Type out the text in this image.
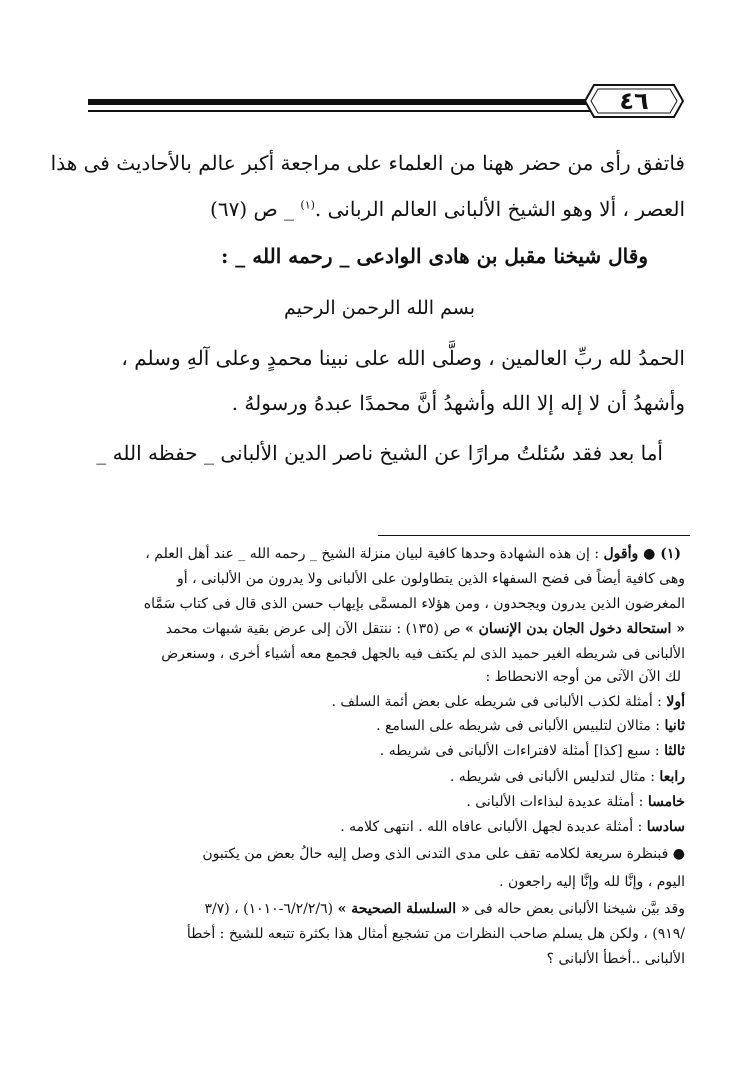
٤٦

فاتفق رأى من حضر ههنا من العلماء على مراجعة أكبر عالم بالأحاديث فى هذا

العصر ، ألا وهو الشيخ الألبانى العالم الربانى .$^{(١)}$ _ ص (٦٧)

وقال شيخنا مقبل بن هادى الوادعى _ رحمه الله _ :

بسم الله الرحمن الرحيم

الحمدُ لله ربِّ العالمين ، وصلَّى الله على نبينا محمدٍ وعلى آلهِ وسلم ،

وأشهدُ أن لا إله إلا الله وأشهدُ أنَّ محمدًا عبدهُ ورسولهُ .

أما بعد فقد سُئلتُ مرارًا عن الشيخ ناصر الدين الألبانى _ حفظه الله _

(١) ● وأقول : إن هذه الشهادة وحدها كافية لبيان منزلة الشيخ _ رحمه الله _ عند أهل العلم ،

وهى كافية أيضاً فى فضح السفهاء الذين يتطاولون على الألبانى ولا يدرون من الألبانى ، أو

المغرضون الذين يدرون ويجحدون ، ومن هؤلاء المسمَّى بإيهاب حسن الذى قال فى كتاب سَمَّاه

« استحالة دخول الجان بدن الإنسان » ص (١٣٥) : ننتقل الآن إلى عرض بقية شبهات محمد

الألبانى فى شريطه الغير حميد الذى لم يكتف فيه بالجهل فجمع معه أشياء أخرى ، وسنعرض

لك الآن الآتى من أوجه الانحطاط :

أولا : أمثلة لكذب الألبانى فى شريطه على بعض أئمة السلف .

ثانيا : مثالان لتلبيس الألبانى فى شريطه على السامع .

ثالثا : سبع [كذا] أمثلة لافتراءات الألبانى فى شريطه .

رابعا : مثال لتدليس الألبانى فى شريطه .

خامسا : أمثلة عديدة لبذاءات الألبانى .

سادسا : أمثلة عديدة لجهل الألبانى عافاه الله . انتهى كلامه .

● فبنظرة سريعة لكلامه تقف على مدى التدنى الذى وصل إليه حالُ بعض من يكتبون

اليوم ، وإنَّا لله وإنَّا إليه راجعون .

وقد بيَّن شيخنا الألبانى بعض حاله فى « السلسلة الصحيحة » (٦/٢/٢/٦-١٠١٠) ، (٣/٧

/٩١٩) ، ولكن هل يسلم صاحب النظرات من تشجيع أمثال هذا بكثرة تتبعه للشيخ : أخطأ

الألبانى ..أخطأ الألبانى ؟
